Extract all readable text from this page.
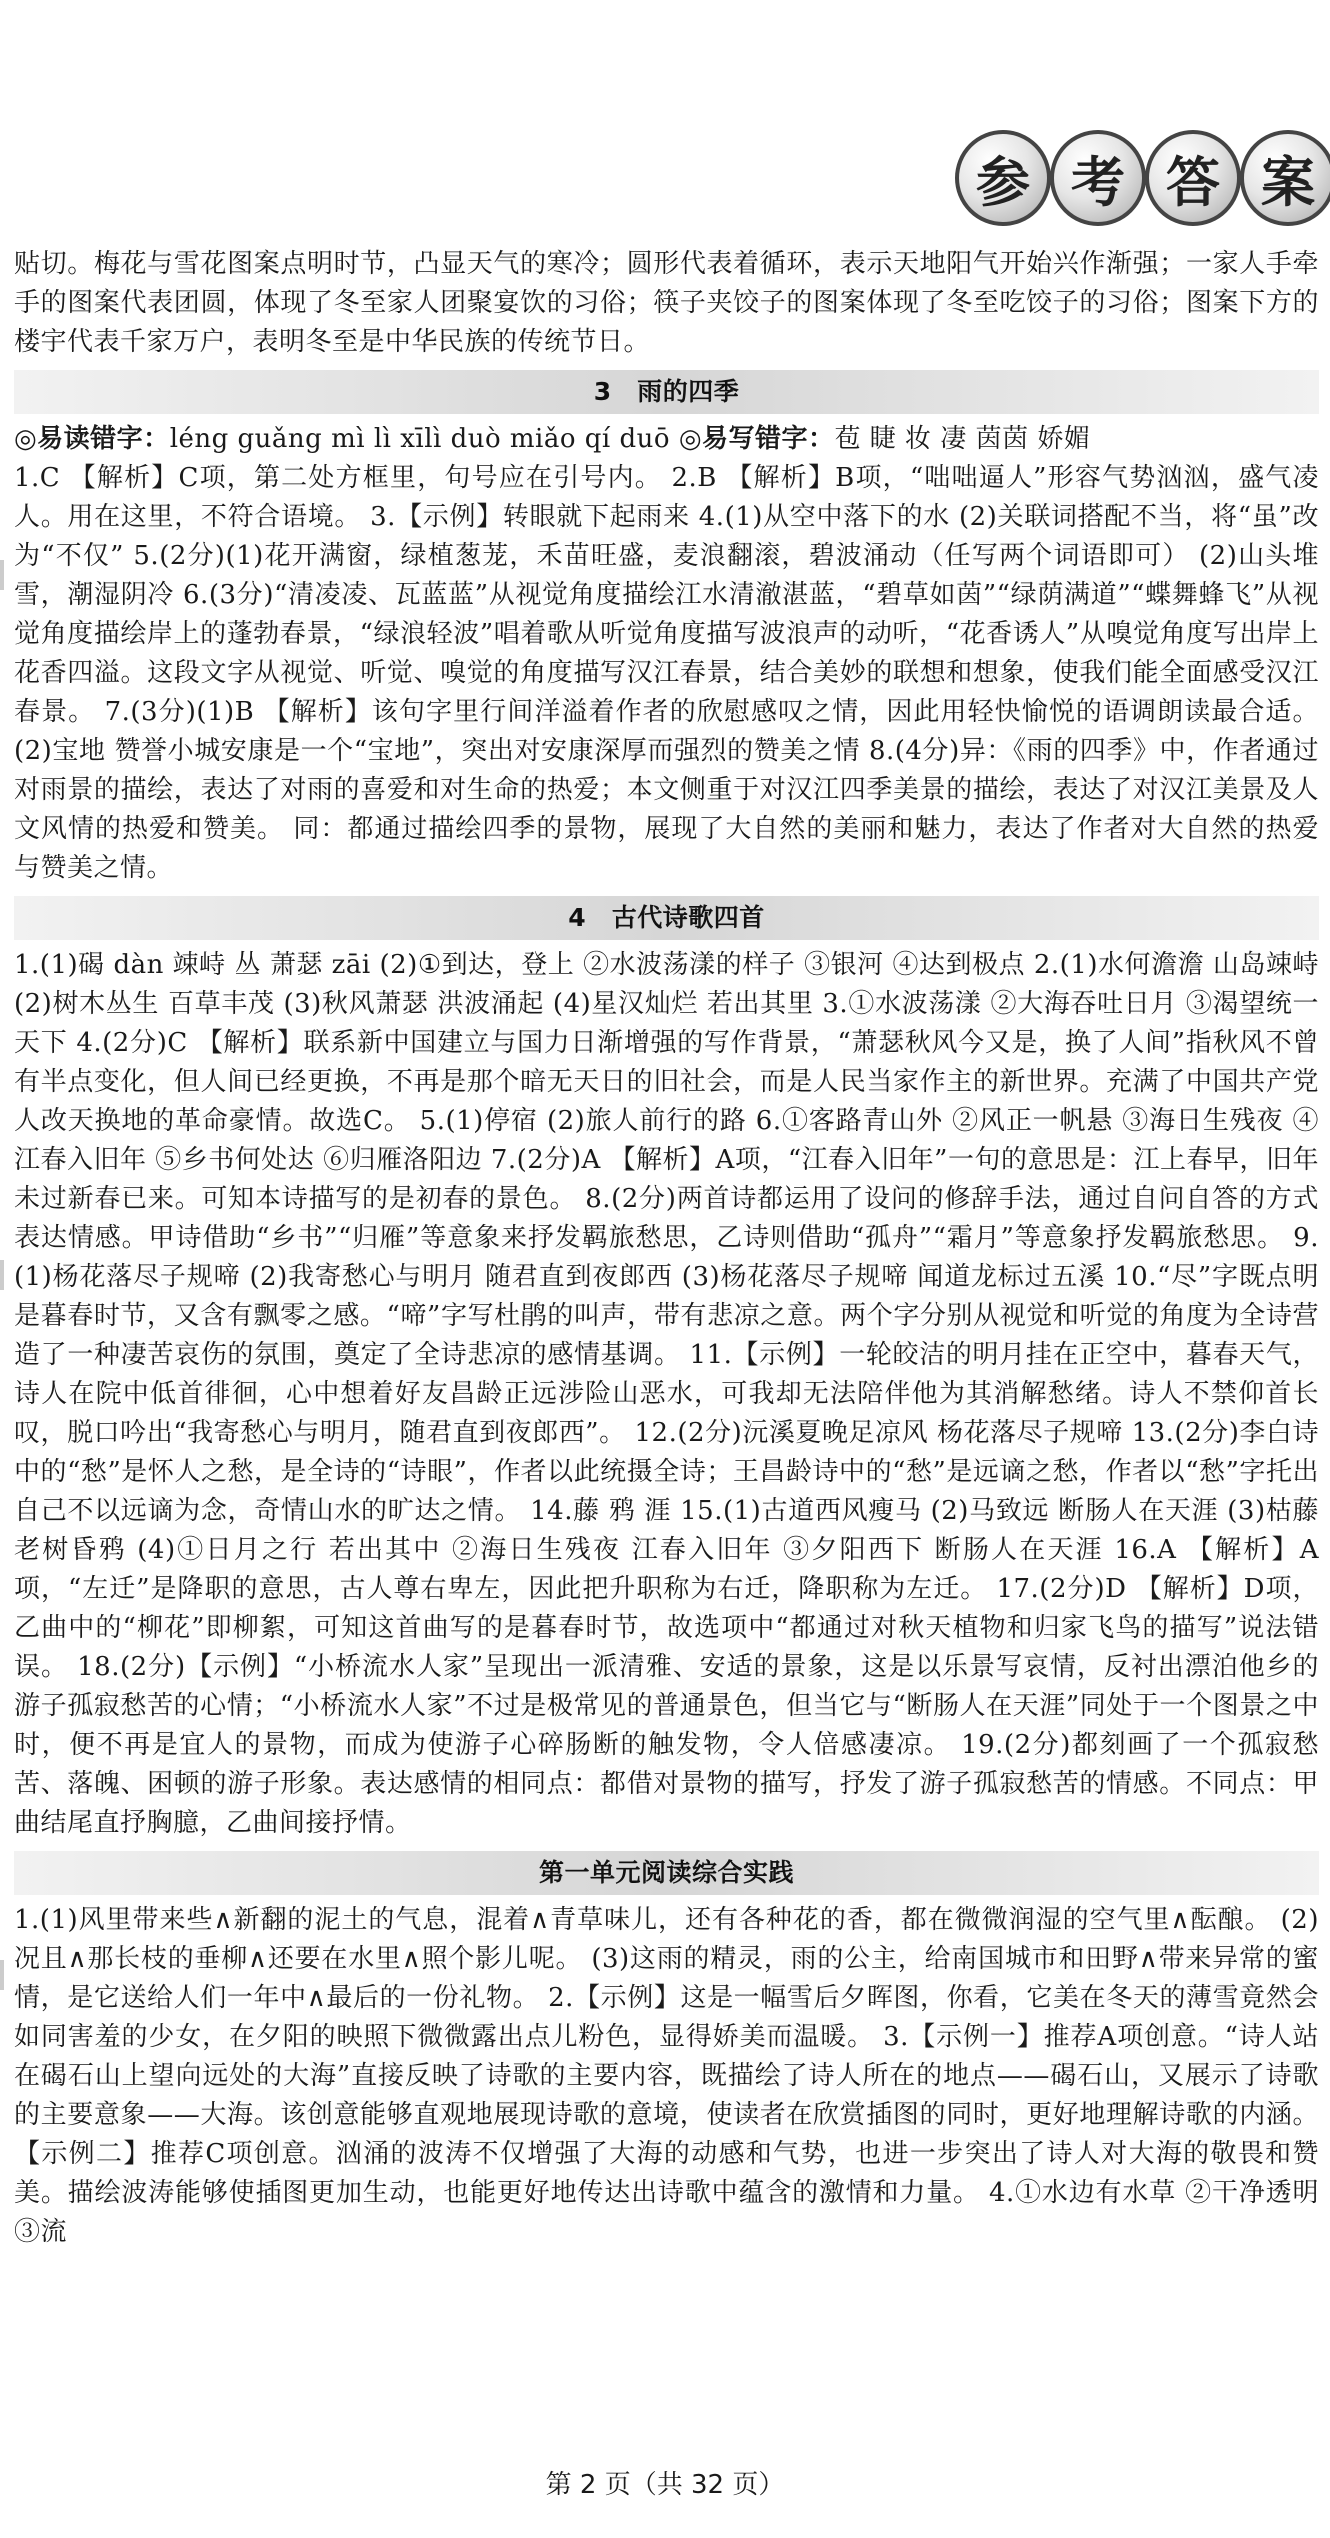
参 考 答 案

贴切。梅花与雪花图案点明时节，凸显天气的寒冷；圆形代表着循环，表示天地阳气开始兴作渐强；一家人手牵手的图案代表团圆，体现了冬至家人团聚宴饮的习俗；筷子夹饺子的图案体现了冬至吃饺子的习俗；图案下方的楼宇代表千家万户，表明冬至是中华民族的传统节日。

3　雨的四季

◎易读错字：léng guǎng mì lì xīlì duò miǎo qí duō ◎易写错字：苞 睫 妆 凄 茵茵 娇媚

1.C 【解析】C项，第二处方框里，句号应在引号内。 2.B 【解析】B项，“咄咄逼人”形容气势汹汹，盛气凌人。用在这里，不符合语境。 3.【示例】转眼就下起雨来 4.(1)从空中落下的水 (2)关联词搭配不当，将“虽”改为“不仅” 5.(2分)(1)花开满窗，绿植葱茏，禾苗旺盛，麦浪翻滚，碧波涌动（任写两个词语即可） (2)山头堆雪，潮湿阴冷 6.(3分)“清凌凌、瓦蓝蓝”从视觉角度描绘江水清澈湛蓝，“碧草如茵”“绿荫满道”“蝶舞蜂飞”从视觉角度描绘岸上的蓬勃春景，“绿浪轻波”唱着歌从听觉角度描写波浪声的动听，“花香诱人”从嗅觉角度写出岸上花香四溢。这段文字从视觉、听觉、嗅觉的角度描写汉江春景，结合美妙的联想和想象，使我们能全面感受汉江春景。 7.(3分)(1)B 【解析】该句字里行间洋溢着作者的欣慰感叹之情，因此用轻快愉悦的语调朗读最合适。 (2)宝地 赞誉小城安康是一个“宝地”，突出对安康深厚而强烈的赞美之情 8.(4分)异：《雨的四季》中，作者通过对雨景的描绘，表达了对雨的喜爱和对生命的热爱；本文侧重于对汉江四季美景的描绘，表达了对汉江美景及人文风情的热爱和赞美。 同：都通过描绘四季的景物，展现了大自然的美丽和魅力，表达了作者对大自然的热爱与赞美之情。

4　古代诗歌四首

1.(1)碣 dàn 竦峙 丛 萧瑟 zāi (2)①到达，登上 ②水波荡漾的样子 ③银河 ④达到极点 2.(1)水何澹澹 山岛竦峙 (2)树木丛生 百草丰茂 (3)秋风萧瑟 洪波涌起 (4)星汉灿烂 若出其里 3.①水波荡漾 ②大海吞吐日月 ③渴望统一天下 4.(2分)C 【解析】联系新中国建立与国力日渐增强的写作背景，“萧瑟秋风今又是，换了人间”指秋风不曾有半点变化，但人间已经更换，不再是那个暗无天日的旧社会，而是人民当家作主的新世界。充满了中国共产党人改天换地的革命豪情。故选C。 5.(1)停宿 (2)旅人前行的路 6.①客路青山外 ②风正一帆悬 ③海日生残夜 ④江春入旧年 ⑤乡书何处达 ⑥归雁洛阳边 7.(2分)A 【解析】A项，“江春入旧年”一句的意思是：江上春早，旧年未过新春已来。可知本诗描写的是初春的景色。 8.(2分)两首诗都运用了设问的修辞手法，通过自问自答的方式表达情感。甲诗借助“乡书”“归雁”等意象来抒发羁旅愁思，乙诗则借助“孤舟”“霜月”等意象抒发羁旅愁思。 9.(1)杨花落尽子规啼 (2)我寄愁心与明月 随君直到夜郎西 (3)杨花落尽子规啼 闻道龙标过五溪 10.“尽”字既点明是暮春时节，又含有飘零之感。“啼”字写杜鹃的叫声，带有悲凉之意。两个字分别从视觉和听觉的角度为全诗营造了一种凄苦哀伤的氛围，奠定了全诗悲凉的感情基调。 11.【示例】一轮皎洁的明月挂在正空中，暮春天气，诗人在院中低首徘徊，心中想着好友昌龄正远涉险山恶水，可我却无法陪伴他为其消解愁绪。诗人不禁仰首长叹，脱口吟出“我寄愁心与明月，随君直到夜郎西”。 12.(2分)沅溪夏晚足凉风 杨花落尽子规啼 13.(2分)李白诗中的“愁”是怀人之愁，是全诗的“诗眼”，作者以此统摄全诗；王昌龄诗中的“愁”是远谪之愁，作者以“愁”字托出自己不以远谪为念，奇情山水的旷达之情。 14.藤 鸦 涯 15.(1)古道西风瘦马 (2)马致远 断肠人在天涯 (3)枯藤老树昏鸦 (4)①日月之行 若出其中 ②海日生残夜 江春入旧年 ③夕阳西下 断肠人在天涯 16.A 【解析】A项，“左迁”是降职的意思，古人尊右卑左，因此把升职称为右迁，降职称为左迁。 17.(2分)D 【解析】D项，乙曲中的“柳花”即柳絮，可知这首曲写的是暮春时节，故选项中“都通过对秋天植物和归家飞鸟的描写”说法错误。 18.(2分)【示例】“小桥流水人家”呈现出一派清雅、安适的景象，这是以乐景写哀情，反衬出漂泊他乡的游子孤寂愁苦的心情；“小桥流水人家”不过是极常见的普通景色，但当它与“断肠人在天涯”同处于一个图景之中时，便不再是宜人的景物，而成为使游子心碎肠断的触发物，令人倍感凄凉。 19.(2分)都刻画了一个孤寂愁苦、落魄、困顿的游子形象。表达感情的相同点：都借对景物的描写，抒发了游子孤寂愁苦的情感。不同点：甲曲结尾直抒胸臆，乙曲间接抒情。

第一单元阅读综合实践

1.(1)风里带来些∧新翻的泥土的气息，混着∧青草味儿，还有各种花的香，都在微微润湿的空气里∧酝酿。 (2)况且∧那长枝的垂柳∧还要在水里∧照个影儿呢。 (3)这雨的精灵，雨的公主，给南国城市和田野∧带来异常的蜜情，是它送给人们一年中∧最后的一份礼物。 2.【示例】这是一幅雪后夕晖图，你看，它美在冬天的薄雪竟然会如同害羞的少女，在夕阳的映照下微微露出点儿粉色，显得娇美而温暖。 3.【示例一】推荐A项创意。“诗人站在碣石山上望向远处的大海”直接反映了诗歌的主要内容，既描绘了诗人所在的地点——碣石山，又展示了诗歌的主要意象——大海。该创意能够直观地展现诗歌的意境，使读者在欣赏插图的同时，更好地理解诗歌的内涵。 【示例二】推荐C项创意。汹涌的波涛不仅增强了大海的动感和气势，也进一步突出了诗人对大海的敬畏和赞美。描绘波涛能够使插图更加生动，也能更好地传达出诗歌中蕴含的激情和力量。 4.①水边有水草 ②干净透明 ③流

第 2 页（共 32 页）
